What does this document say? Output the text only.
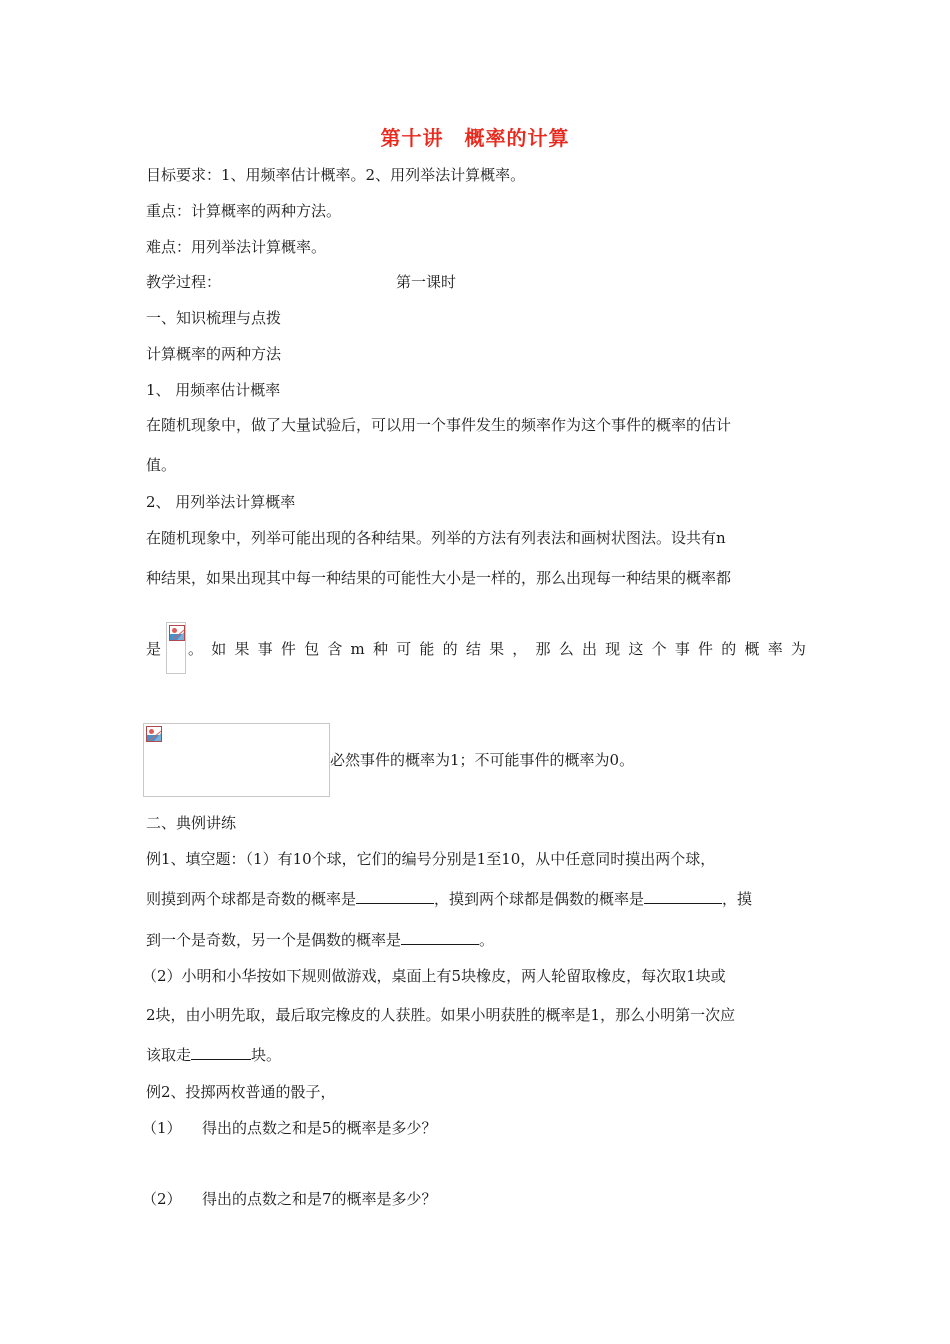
第十讲　概率的计算
目标要求：1、用频率估计概率。2、用列举法计算概率。
重点：计算概率的两种方法。
难点：用列举法计算概率。
教学过程：	第一课时
一、知识梳理与点拨
计算概率的两种方法
1、 用频率估计概率
在随机现象中，做了大量试验后，可以用一个事件发生的频率作为这个事件的概率的估计
值。
2、 用列举法计算概率
在随机现象中，列举可能出现的各种结果。列举的方法有列表法和画树状图法。设共有n
种结果，如果出现其中每一种结果的可能性大小是一样的，那么出现每一种结果的概率都
是 。 如 果 事 件 包 含 m 种 可 能 的 结 果 ， 那 么 出 现 这 个 事 件 的 概 率 为
必然事件的概率为1；不可能事件的概率为0。
二、典例讲练
例1、填空题：（1）有10个球，它们的编号分别是1至10，从中任意同时摸出两个球，
则摸到两个球都是奇数的概率是	，摸到两个球都是偶数的概率是	，摸
到一个是奇数，另一个是偶数的概率是	。
（2）小明和小华按如下规则做游戏，桌面上有5块橡皮，两人轮留取橡皮，每次取1块或
2块，由小明先取，最后取完橡皮的人获胜。如果小明获胜的概率是1，那么小明第一次应
该取走	块。
例2、投掷两枚普通的骰子，
（1） 得出的点数之和是5的概率是多少？
（2） 得出的点数之和是7的概率是多少？
